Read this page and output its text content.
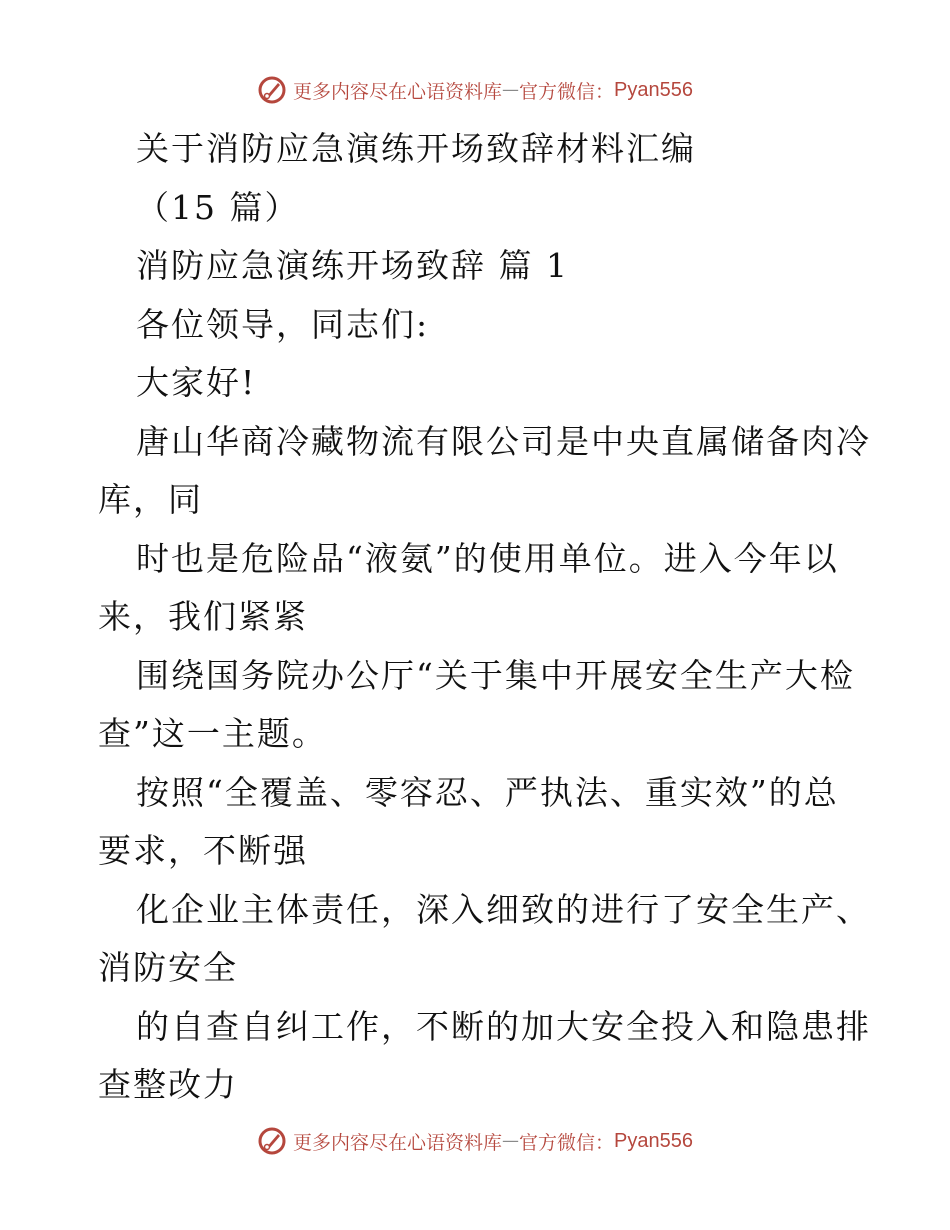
更多内容尽在心语资料库 — 官方微信： Pyan556
关于消防应急演练开场致辞材料汇编
（15 篇）
消防应急演练开场致辞 篇 1
各位领导，同志们:
大家好!
唐山华商冷藏物流有限公司是中央直属储备肉冷
库，同
时也是危险品“液氨”的使用单位。进入今年以
来，我们紧紧
围绕国务院办公厅“关于集中开展安全生产大检
查”这一主题。
按照“全覆盖、零容忍、严执法、重实效”的总
要求，不断强
化企业主体责任，深入细致的进行了安全生产、
消防安全
的自查自纠工作，不断的加大安全投入和隐患排
查整改力
更多内容尽在心语资料库 — 官方微信： Pyan556
